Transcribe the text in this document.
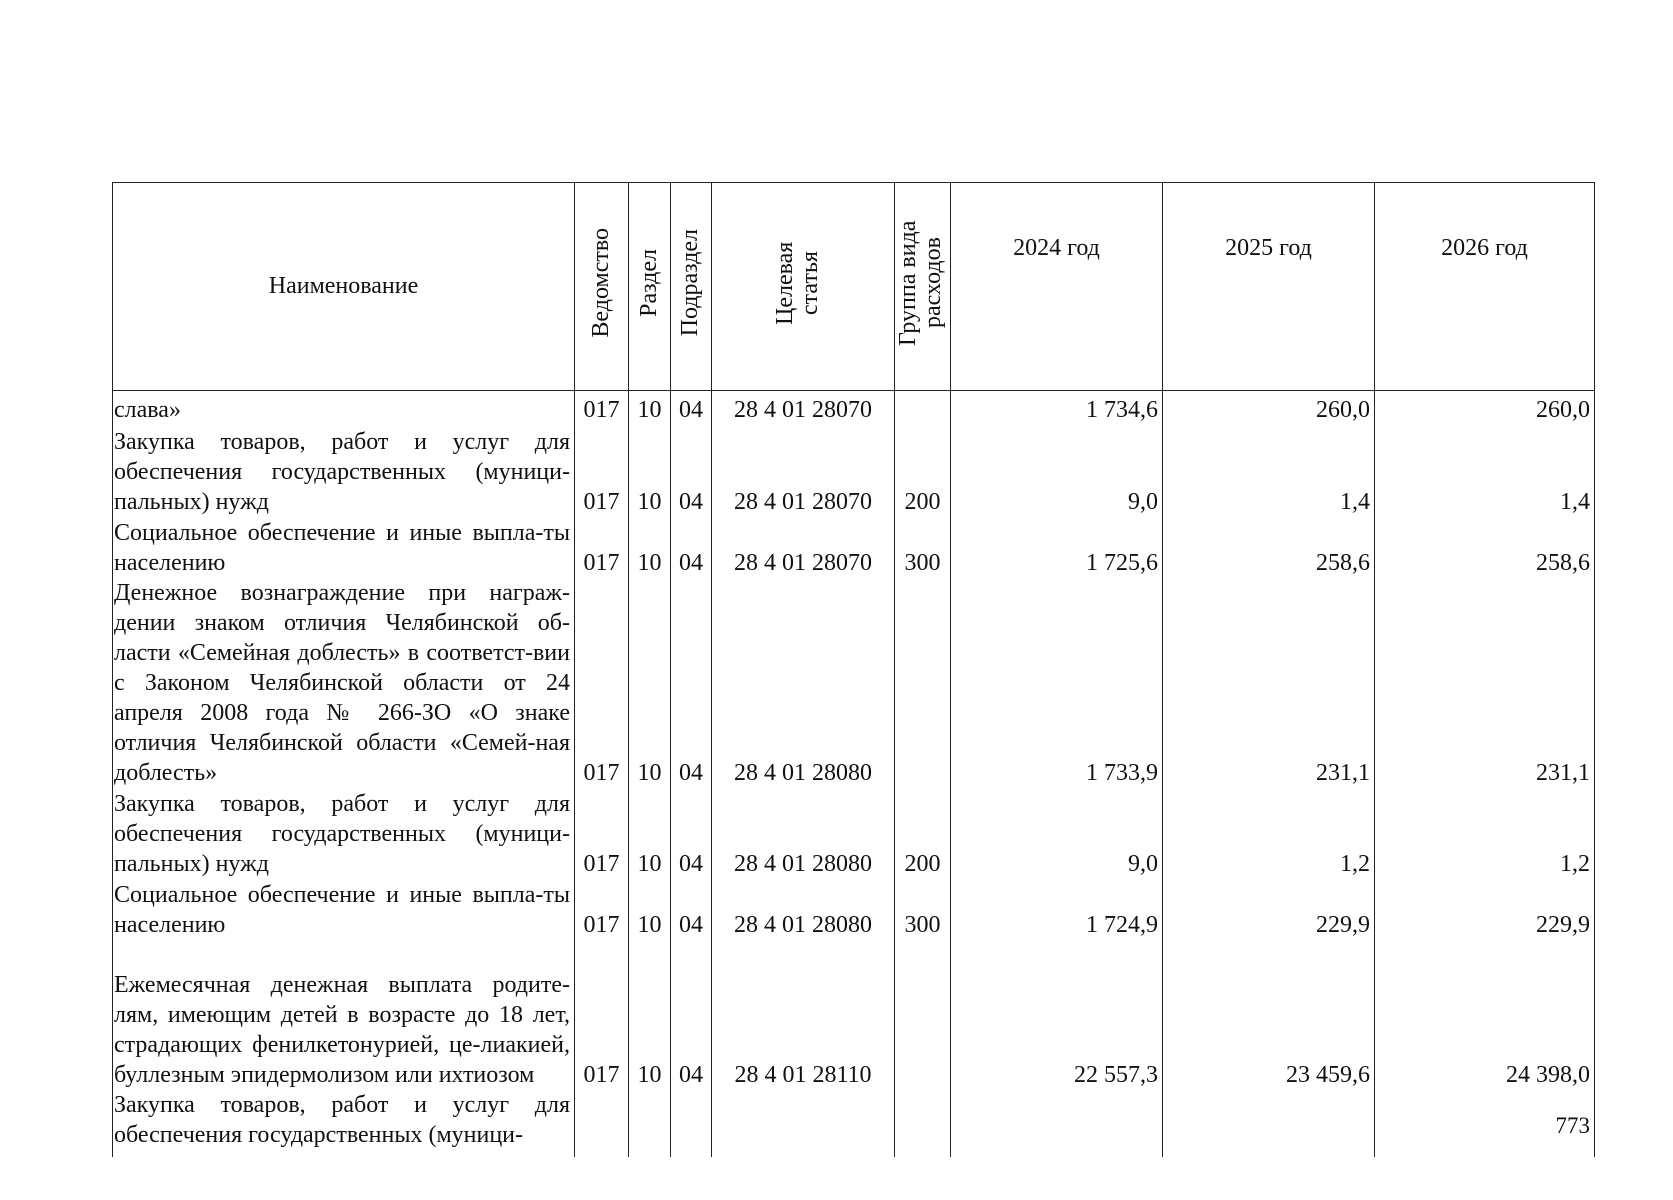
Наименование	Ведомство	Раздел	Подраздел	Целевая статья	Группа вида расходов	2024 год	2025 год	2026 год
слава»	017	10	04	28 4 01 28070		1 734,6	260,0	260,0
Закупка товаров, работ и услуг для обеспечения государственных (муници-пальных) нужд	017	10	04	28 4 01 28070	200	9,0	1,4	1,4
Социальное обеспечение и иные выпла-ты населению	017	10	04	28 4 01 28070	300	1 725,6	258,6	258,6
Денежное вознаграждение при награж-дении знаком отличия Челябинской об-ласти «Семейная доблесть» в соответст-вии с Законом Челябинской области от 24 апреля 2008 года № 266-ЗО «О знаке отличия Челябинской области «Семей-ная доблесть»	017	10	04	28 4 01 28080		1 733,9	231,1	231,1
Закупка товаров, работ и услуг для обеспечения государственных (муници-пальных) нужд	017	10	04	28 4 01 28080	200	9,0	1,2	1,2
Социальное обеспечение и иные выпла-ты населению	017	10	04	28 4 01 28080	300	1 724,9	229,9	229,9
Ежемесячная денежная выплата родите-лям, имеющим детей в возрасте до 18 лет, страдающих фенилкетонурией, це-лиакией, буллезным эпидермолизом или ихтиозом	017	10	04	28 4 01 28110		22 557,3	23 459,6	24 398,0
Закупка товаров, работ и услуг для обеспечения государственных (муници-									773
